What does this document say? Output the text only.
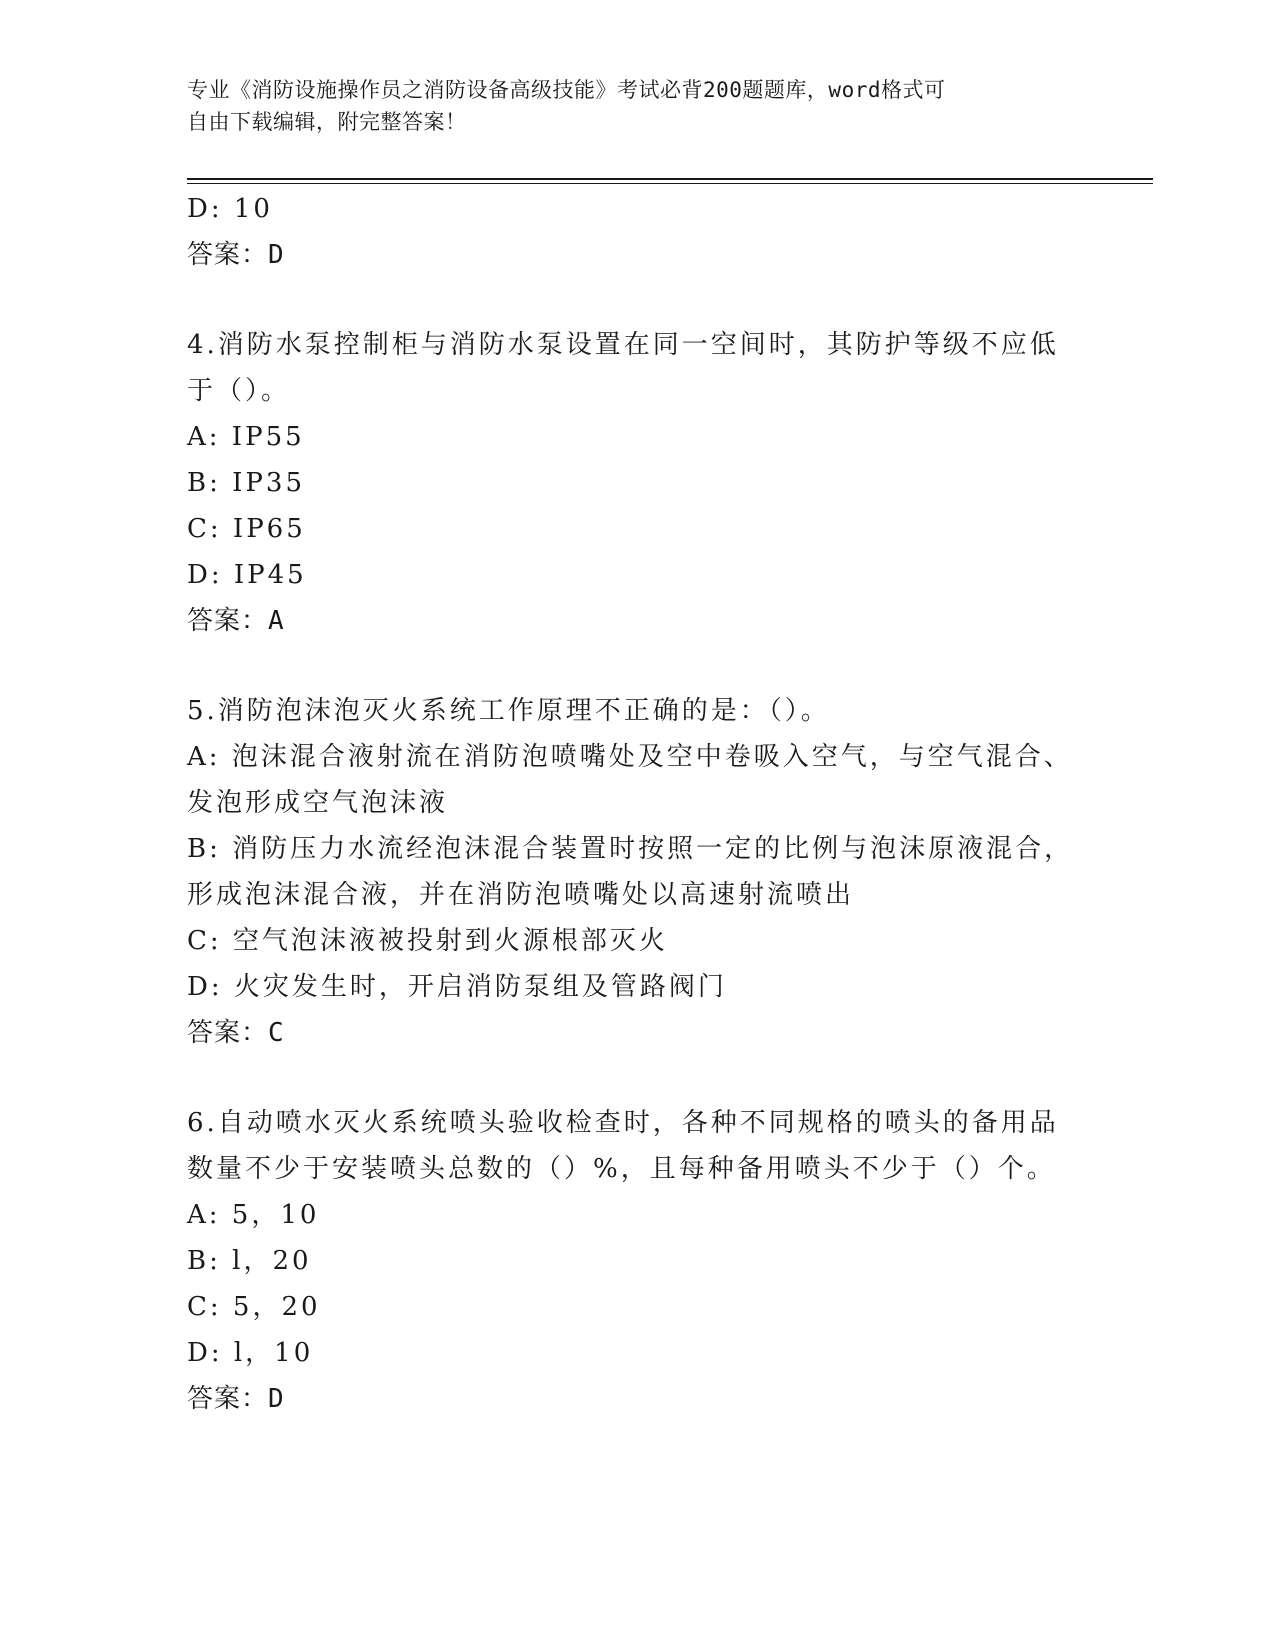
专业《消防设施操作员之消防设备高级技能》考试必背200题题库，word格式可
自由下载编辑，附完整答案！
D: 10
答案：D
4.消防水泵控制柜与消防水泵设置在同一空间时，其防护等级不应低
于（）。
A: IP55
B: IP35
C: IP65
D: IP45
答案：A
5.消防泡沫泡灭火系统工作原理不正确的是：（）。
A: 泡沫混合液射流在消防泡喷嘴处及空中卷吸入空气，与空气混合、
发泡形成空气泡沫液
B: 消防压力水流经泡沫混合装置时按照一定的比例与泡沫原液混合，
形成泡沫混合液，并在消防泡喷嘴处以高速射流喷出
C: 空气泡沫液被投射到火源根部灭火
D: 火灾发生时，开启消防泵组及管路阀门
答案：C
6.自动喷水灭火系统喷头验收检查时，各种不同规格的喷头的备用品
数量不少于安装喷头总数的（）%，且每种备用喷头不少于（）个。
A: 5，10
B: l，20
C: 5，20
D: l，10
答案：D
